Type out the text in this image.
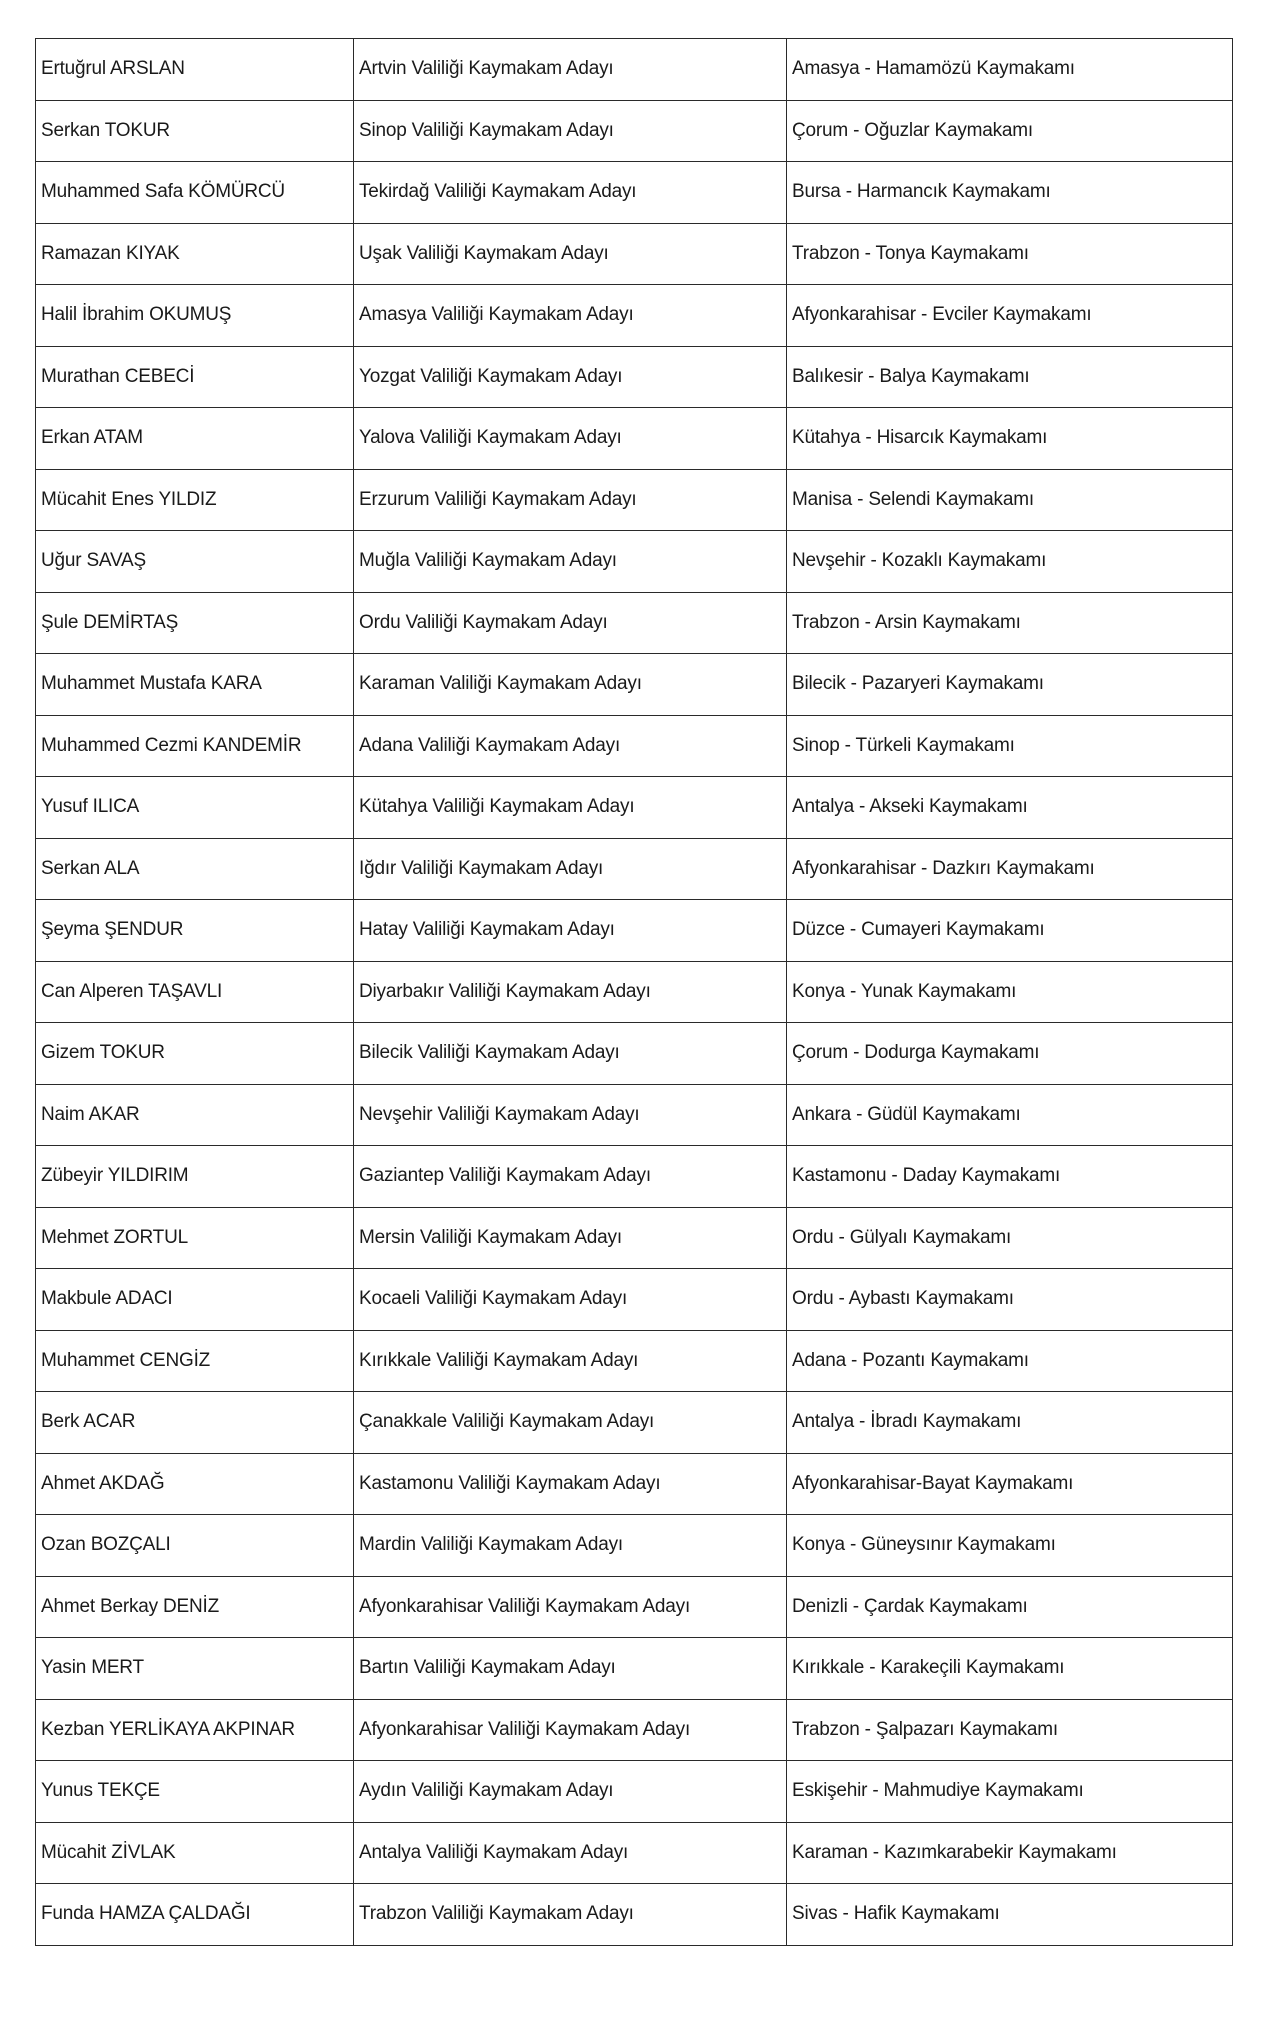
Ertuğrul ARSLAN	Artvin Valiliği Kaymakam Adayı	Amasya - Hamamözü Kaymakamı
Serkan TOKUR	Sinop Valiliği Kaymakam Adayı	Çorum - Oğuzlar Kaymakamı
Muhammed Safa KÖMÜRCÜ	Tekirdağ Valiliği Kaymakam Adayı	Bursa - Harmancık Kaymakamı
Ramazan KIYAK	Uşak Valiliği Kaymakam Adayı	Trabzon - Tonya Kaymakamı
Halil İbrahim OKUMUŞ	Amasya Valiliği Kaymakam Adayı	Afyonkarahisar - Evciler Kaymakamı
Murathan CEBECİ	Yozgat Valiliği Kaymakam Adayı	Balıkesir - Balya Kaymakamı
Erkan ATAM	Yalova Valiliği Kaymakam Adayı	Kütahya - Hisarcık Kaymakamı
Mücahit Enes YILDIZ	Erzurum Valiliği Kaymakam Adayı	Manisa - Selendi Kaymakamı
Uğur SAVAŞ	Muğla Valiliği Kaymakam Adayı	Nevşehir - Kozaklı Kaymakamı
Şule DEMİRTAŞ	Ordu Valiliği Kaymakam Adayı	Trabzon - Arsin Kaymakamı
Muhammet Mustafa KARA	Karaman Valiliği Kaymakam Adayı	Bilecik - Pazaryeri Kaymakamı
Muhammed Cezmi KANDEMİR	Adana Valiliği Kaymakam Adayı	Sinop - Türkeli Kaymakamı
Yusuf ILICA	Kütahya Valiliği Kaymakam Adayı	Antalya - Akseki Kaymakamı
Serkan ALA	Iğdır Valiliği Kaymakam Adayı	Afyonkarahisar - Dazkırı Kaymakamı
Şeyma ŞENDUR	Hatay Valiliği Kaymakam Adayı	Düzce - Cumayeri Kaymakamı
Can Alperen TAŞAVLI	Diyarbakır Valiliği Kaymakam Adayı	Konya - Yunak Kaymakamı
Gizem TOKUR	Bilecik Valiliği Kaymakam Adayı	Çorum - Dodurga Kaymakamı
Naim AKAR	Nevşehir Valiliği Kaymakam Adayı	Ankara - Güdül Kaymakamı
Zübeyir YILDIRIM	Gaziantep Valiliği Kaymakam Adayı	Kastamonu - Daday Kaymakamı
Mehmet ZORTUL	Mersin Valiliği Kaymakam Adayı	Ordu - Gülyalı Kaymakamı
Makbule ADACI	Kocaeli Valiliği Kaymakam Adayı	Ordu - Aybastı Kaymakamı
Muhammet CENGİZ	Kırıkkale Valiliği Kaymakam Adayı	Adana - Pozantı Kaymakamı
Berk ACAR	Çanakkale Valiliği Kaymakam Adayı	Antalya - İbradı Kaymakamı
Ahmet AKDAĞ	Kastamonu Valiliği Kaymakam Adayı	Afyonkarahisar-Bayat Kaymakamı
Ozan BOZÇALI	Mardin Valiliği Kaymakam Adayı	Konya - Güneysınır Kaymakamı
Ahmet Berkay DENİZ	Afyonkarahisar Valiliği Kaymakam Adayı	Denizli - Çardak Kaymakamı
Yasin MERT	Bartın Valiliği Kaymakam Adayı	Kırıkkale - Karakeçili Kaymakamı
Kezban YERLİKAYA AKPINAR	Afyonkarahisar Valiliği Kaymakam Adayı	Trabzon - Şalpazarı Kaymakamı
Yunus TEKÇE	Aydın Valiliği Kaymakam Adayı	Eskişehir - Mahmudiye Kaymakamı
Mücahit ZİVLAK	Antalya Valiliği Kaymakam Adayı	Karaman - Kazımkarabekir Kaymakamı
Funda HAMZA ÇALDAĞI	Trabzon Valiliği Kaymakam Adayı	Sivas - Hafik Kaymakamı
